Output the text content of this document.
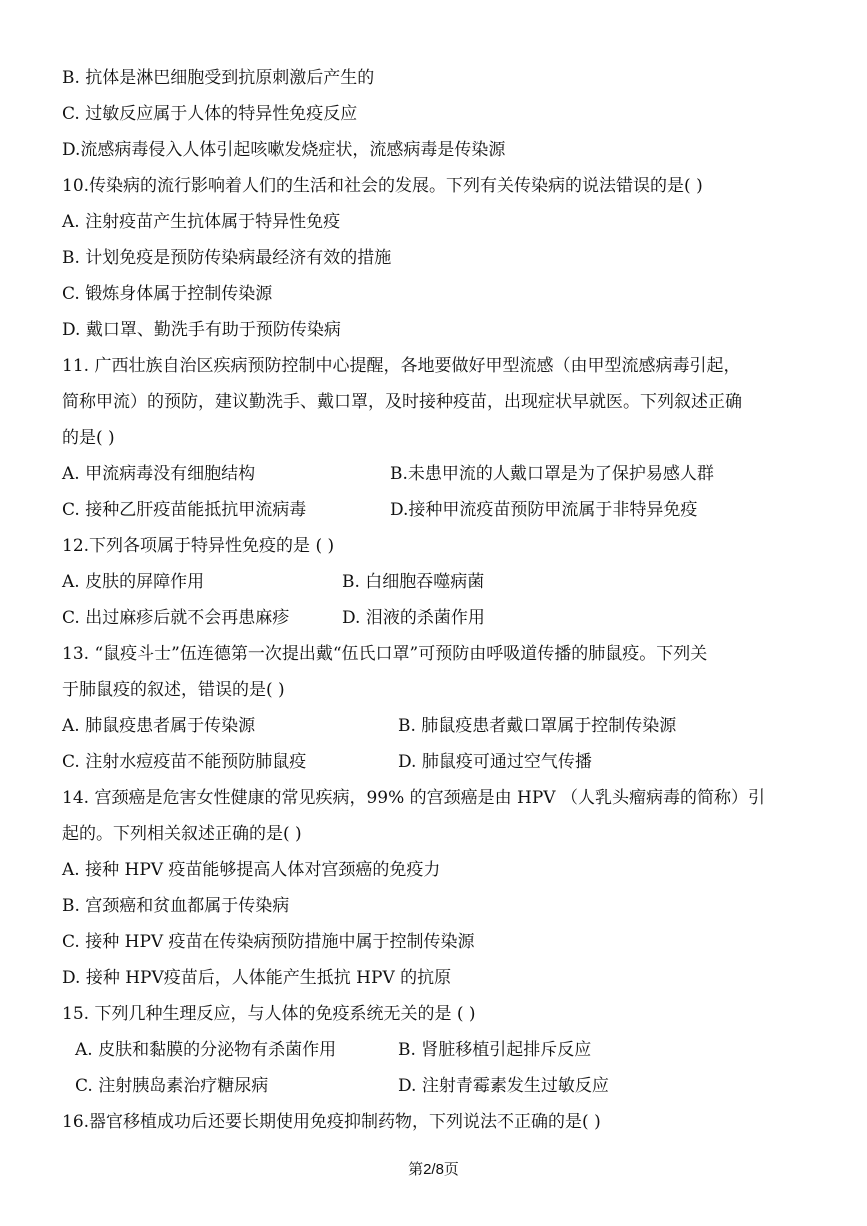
B. 抗体是淋巴细胞受到抗原刺激后产生的
C. 过敏反应属于人体的特异性免疫反应
D.流感病毒侵入人体引起咳嗽发烧症状，流感病毒是传染源
10.传染病的流行影响着人们的生活和社会的发展。下列有关传染病的说法错误的是( )
A. 注射疫苗产生抗体属于特异性免疫
B. 计划免疫是预防传染病最经济有效的措施
C. 锻炼身体属于控制传染源
D. 戴口罩、勤洗手有助于预防传染病
11. 广西壮族自治区疾病预防控制中心提醒，各地要做好甲型流感（由甲型流感病毒引起，
简称甲流）的预防，建议勤洗手、戴口罩，及时接种疫苗，出现症状早就医。下列叙述正确
的是( )
A. 甲流病毒没有细胞结构	B.未患甲流的人戴口罩是为了保护易感人群
C. 接种乙肝疫苗能抵抗甲流病毒	D.接种甲流疫苗预防甲流属于非特异免疫
12.下列各项属于特异性免疫的是 ( )
A. 皮肤的屏障作用	B. 白细胞吞噬病菌
C. 出过麻疹后就不会再患麻疹	D. 泪液的杀菌作用
13. “鼠疫斗士”伍连德第一次提出戴“伍氏口罩”可预防由呼吸道传播的肺鼠疫。下列关
于肺鼠疫的叙述，错误的是( )
A. 肺鼠疫患者属于传染源	B. 肺鼠疫患者戴口罩属于控制传染源
C. 注射水痘疫苗不能预防肺鼠疫	D. 肺鼠疫可通过空气传播
14. 宫颈癌是危害女性健康的常见疾病，99% 的宫颈癌是由 HPV （人乳头瘤病毒的简称）引
起的。下列相关叙述正确的是( )
A. 接种 HPV 疫苗能够提高人体对宫颈癌的免疫力
B. 宫颈癌和贫血都属于传染病
C. 接种 HPV 疫苗在传染病预防措施中属于控制传染源
D. 接种 HPV疫苗后，人体能产生抵抗 HPV 的抗原
15. 下列几种生理反应，与人体的免疫系统无关的是 ( )
A. 皮肤和黏膜的分泌物有杀菌作用	B. 肾脏移植引起排斥反应
C. 注射胰岛素治疗糖尿病	D. 注射青霉素发生过敏反应
16.器官移植成功后还要长期使用免疫抑制药物，下列说法不正确的是( )
第2/8页
